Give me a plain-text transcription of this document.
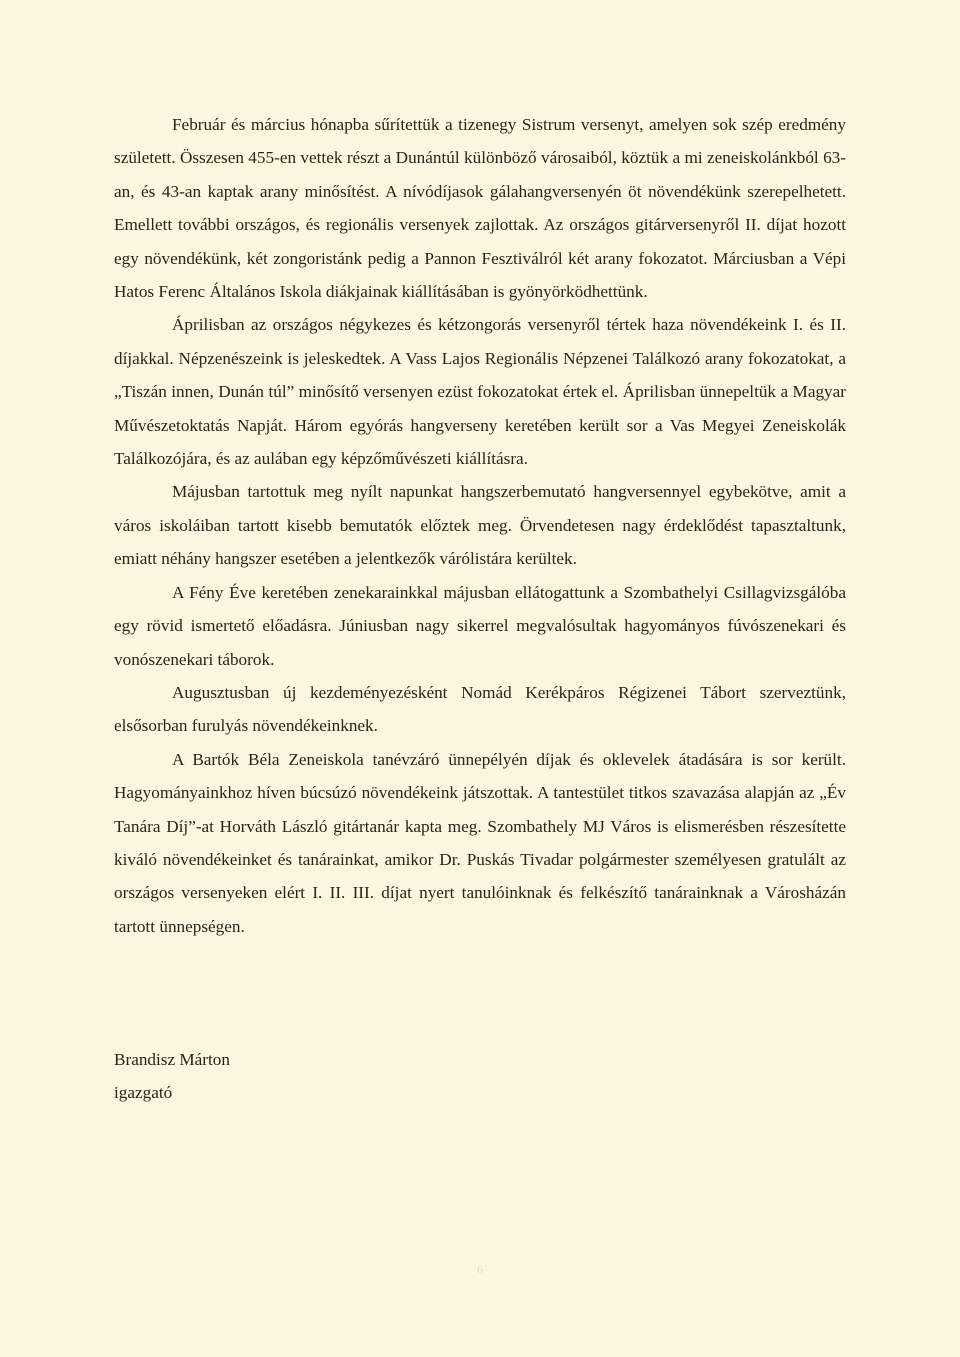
Február és március hónapba sűrítettük a tizenegy Sistrum versenyt, amelyen sok szép eredmény született. Összesen 455-en vettek részt a Dunántúl különböző városaiból, köztük a mi zeneiskolánkból 63-an, és 43-an kaptak arany minősítést. A nívódíjasok gálahangversenyén öt növendékünk szerepelhetett. Emellett további országos, és regionális versenyek zajlottak. Az országos gitárversenyről II. díjat hozott egy növendékünk, két zongoristánk pedig a Pannon Fesztiválról két arany fokozatot. Márciusban a Vépi Hatos Ferenc Általános Iskola diákjainak kiállításában is gyönyörködhettünk.

Áprilisban az országos négykezes és kétzongorás versenyről tértek haza növendékeink I. és II. díjakkal. Népzenészeink is jeleskedtek. A Vass Lajos Regionális Népzenei Találkozó arany fokozatokat, a „Tiszán innen, Dunán túl” minősítő versenyen ezüst fokozatokat értek el. Áprilisban ünnepeltük a Magyar Művészetoktatás Napját. Három egyórás hangverseny keretében került sor a Vas Megyei Zeneiskolák Találkozójára, és az aulában egy képzőművészeti kiállításra.

Májusban tartottuk meg nyílt napunkat hangszerbemutató hangversennyel egybekötve, amit a város iskoláiban tartott kisebb bemutatók előztek meg. Örvendetesen nagy érdeklődést tapasztaltunk, emiatt néhány hangszer esetében a jelentkezők várólistára kerültek.

A Fény Éve keretében zenekarainkkal májusban ellátogattunk a Szombathelyi Csillagvizsgálóba egy rövid ismertető előadásra. Júniusban nagy sikerrel megvalósultak hagyományos fúvószenekari és vonószenekari táborok.

Augusztusban új kezdeményezésként Nomád Kerékpáros Régizenei Tábort szerveztünk, elsősorban furulyás növendékeinknek.

A Bartók Béla Zeneiskola tanévzáró ünnepélyén díjak és oklevelek átadására is sor került. Hagyományainkhoz híven búcsúzó növendékeink játszottak. A tantestület titkos szavazása alapján az „Év Tanára Díj”-at Horváth László gitártanár kapta meg. Szombathely MJ Város is elismerésben részesítette kiváló növendékeinket és tanárainkat, amikor Dr. Puskás Tivadar polgármester személyesen gratulált az országos versenyeken elért I. II. III. díjat nyert tanulóinknak és felkészítő tanárainknak a Városházán tartott ünnepségen.

Brandisz Márton
igazgató
6
